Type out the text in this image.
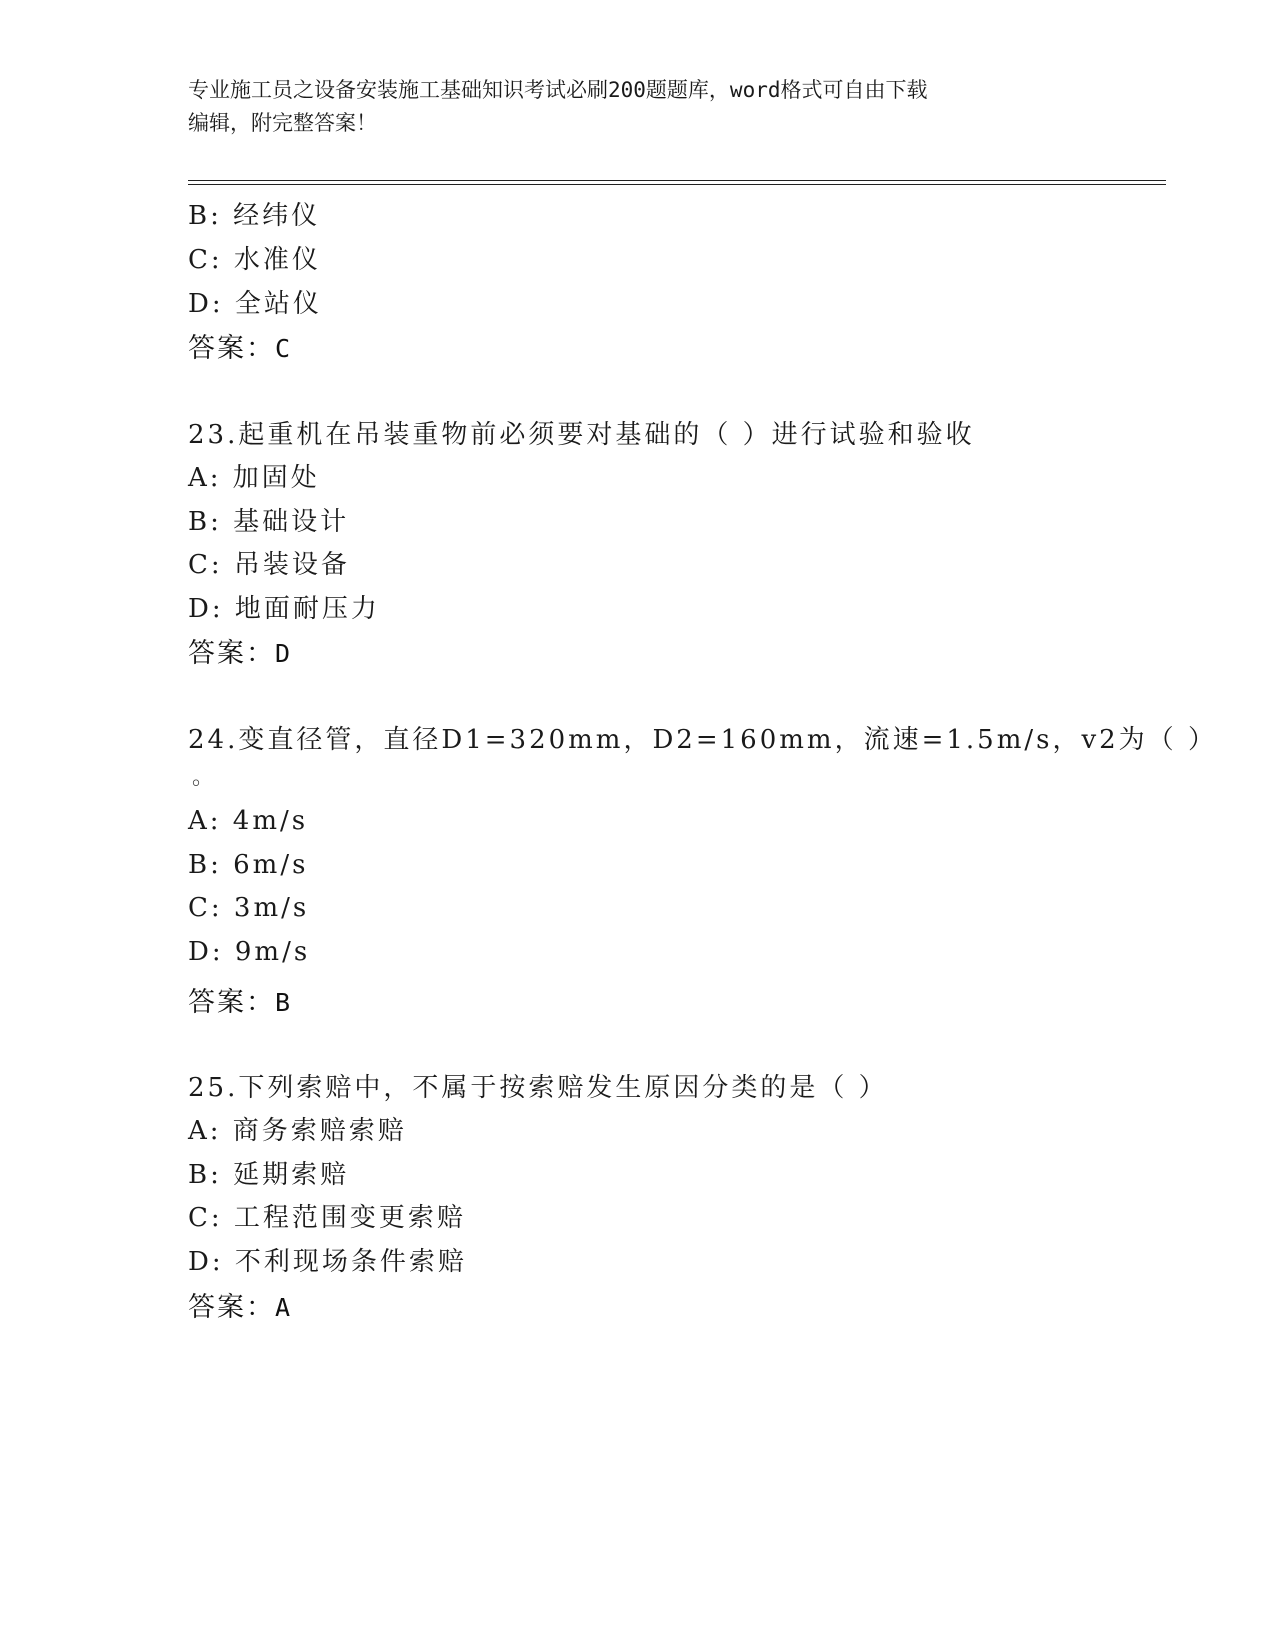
专业施工员之设备安装施工基础知识考试必刷200题题库，word格式可自由下载
编辑，附完整答案！
B: 经纬仪
C: 水准仪
D: 全站仪
答案：C
23.起重机在吊装重物前必须要对基础的（ ）进行试验和验收
A: 加固处
B: 基础设计
C: 吊装设备
D: 地面耐压力
答案：D
24.变直径管，直径D1=320mm，D2=160mm，流速=1.5m/s，v2为（ ）
。
A: 4m/s
B: 6m/s
C: 3m/s
D: 9m/s
答案：B
25.下列索赔中，不属于按索赔发生原因分类的是（ ）
A: 商务索赔索赔
B: 延期索赔
C: 工程范围变更索赔
D: 不利现场条件索赔
答案：A
